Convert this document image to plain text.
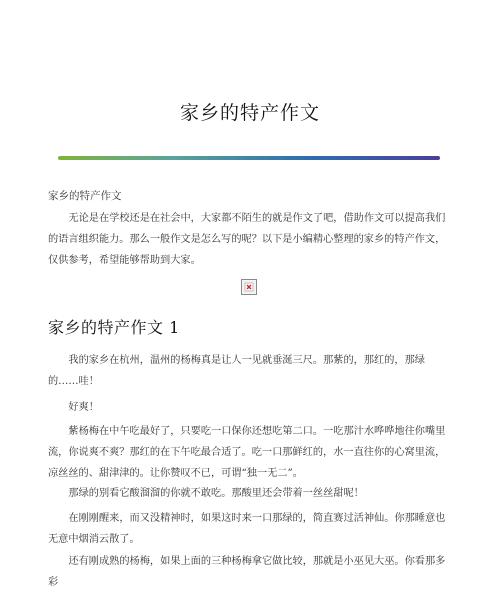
家乡的特产作文
家乡的特产作文

无论是在学校还是在社会中，大家都不陌生的就是作文了吧，借助作文可以提高我们的语言组织能力。那么一般作文是怎么写的呢？以下是小编精心整理的家乡的特产作文，仅供参考，希望能够帮助到大家。

家乡的特产作文 1

我的家乡在杭州，温州的杨梅真是让人一见就垂涎三尺。那紫的，那红的，那绿的……哇！

好爽！

紫杨梅在中午吃最好了，只要吃一口保你还想吃第二口。一吃那汁水哗哗地往你嘴里流，你说爽不爽？那红的在下午吃最合适了。吃一口那鲜红的，水一直往你的心窝里流，凉丝丝的、甜津津的。让你赞叹不已，可谓“独一无二”。

那绿的别看它酸溜溜的你就不敢吃。那酸里还会带着一丝丝甜呢！

在刚刚醒来，而又没精神时，如果这时来一口那绿的，简直赛过活神仙。你那睡意也无意中烟消云散了。

还有刚成熟的杨梅，如果上面的三种杨梅拿它做比较，那就是小巫见大巫。你看那多彩
